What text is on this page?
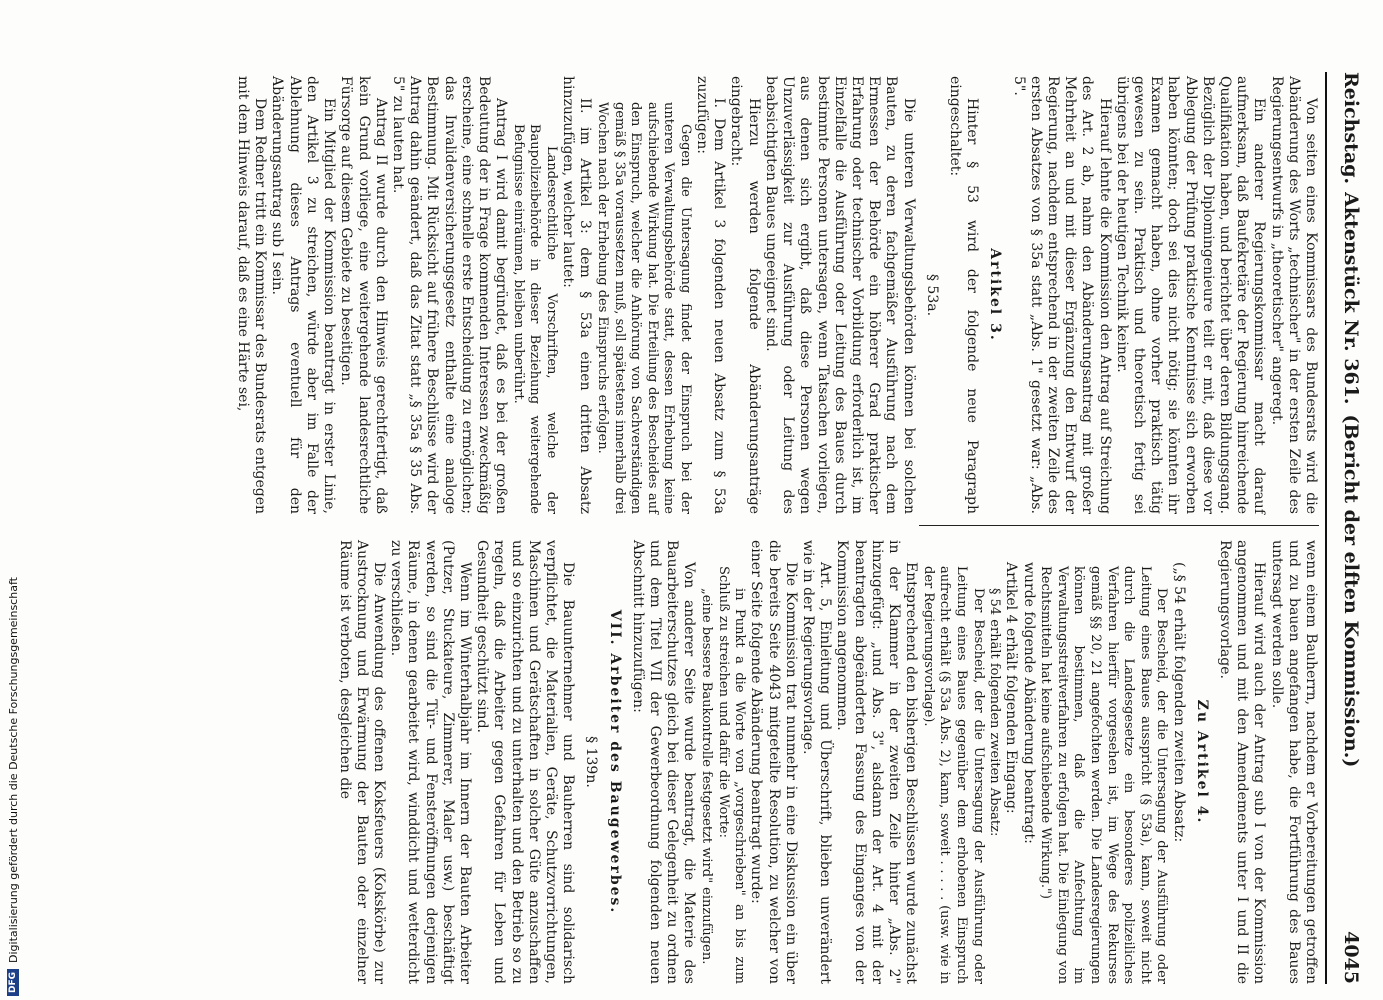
Reichstag.
Aktenstück Nr. 361.
(Bericht der elften Kommission.)
4045

Von seiten eines Kommissars des Bundesrats wird die Abänderung des Worts „technischer" in der ersten Zeile des Regierungsentwurfs in „theoretischer" angeregt.

Ein anderer Regierungskommissar macht darauf aufmerksam, daß Baufekretäre der Regierung hinreichende Qualifikation haben, und berichtet über deren Bildungsgang. Bezüglich der Diplomingenieure teilt er mit, daß diese vor Ablegung der Prüfung praktische Kenntnisse sich erworben haben könnten; doch sei dies nicht nötig; sie könnten ihr Examen gemacht haben, ohne vorher praktisch tätig gewesen zu sein. Praktisch und theoretisch fertig sei übrigens bei der heutigen Technik keiner.

Hierauf lehnte die Kommission den Antrag auf Streichung des Art. 2 ab, nahm den Abänderungsantrag mit großer Mehrheit an und mit dieser Ergänzung den Entwurf der Regierung, nachdem entsprechend in der zweiten Zeile des ersten Absatzes von § 35a statt „Abs. 1" gesetzt war: „Abs. 5".

Artikel 3.

Hinter § 53 wird der folgende neue Paragraph eingeschaltet:

§ 53a.

Die unteren Verwaltungsbehörden können bei solchen Bauten, zu deren fachgemäßer Ausführung nach dem Ermessen der Behörde ein höherer Grad praktischer Erfahrung oder technischer Vorbildung erforderlich ist, im Einzelfalle die Ausführung oder Leitung des Baues durch bestimmte Personen untersagen, wenn Tatsachen vorliegen, aus denen sich ergibt, daß diese Personen wegen Unzuverlässigkeit zur Ausführung oder Leitung des beabsichtigten Baues ungeeignet sind.

Hierzu werden folgende Abänderungsanträge eingebracht:

I. Dem Artikel 3 folgenden neuen Absatz zum § 53a zuzufügen:

Gegen die Untersagung findet der Einspruch bei der unteren Verwaltungsbehörde statt, dessen Erhebung keine aufschiebende Wirkung hat. Die Erteilung des Bescheides auf den Einspruch, welcher die Anhörung von Sachverständigen gemäß § 35a voraussetzen muß, soll spätestens innerhalb drei Wochen nach der Erhebung des Einspruchs erfolgen.

II. im Artikel 3: dem § 53a einen dritten Absatz hinzuzufügen, welcher lautet:

Landesrechtliche Vorschriften, welche der Baupolizeibehörde in dieser Beziehung weitergehende Befugnisse einräumen, bleiben unberührt.

Antrag I wird damit begründet, daß es bei der großen Bedeutung der in Frage kommenden Interessen zweckmäßig erscheine, eine schnelle erste Entscheidung zu ermöglichen; das Invalidenversicherungsgesetz enthalte eine analoge Bestimmung. Mit Rücksicht auf frühere Beschlüsse wird der Antrag dahin geändert, daß das Zitat statt „§ 35a § 35 Abs. 5" zu lauten hat.

Antrag II wurde durch den Hinweis gerechtfertigt, daß kein Grund vorliege, eine weitergehende landesrechtliche Fürsorge auf diesem Gebiete zu beseitigen.

Ein Mitglied der Kommission beantragt in erster Linie, den Artikel 3 zu streichen, würde aber im Falle der Ablehnung dieses Antrags eventuell für den Abänderungsantrag sub I sein.

Dem Redner tritt ein Kommissar des Bundesrats entgegen mit dem Hinweis darauf, daß es eine Härte sei,

wenn einem Bauherrn, nachdem er Vorbereitungen getroffen und zu bauen angefangen habe, die Fortführung des Baues untersagt werden solle.

Hierauf wird auch der Antrag sub I von der Kommission angenommen und mit den Amendements unter I und II die Regierungsvorlage.

Zu Artikel 4.

(„§ 54 erhält folgenden zweiten Absatz:

Der Bescheid, der die Untersagung der Ausführung oder Leitung eines Baues ausspricht (§ 53a), kann, soweit nicht durch die Landesgesetze ein besonderes polizeiliches Verfahren hierfür vorgesehen ist, im Wege des Rekurses gemäß §§ 20, 21 angefochten werden. Die Landesregierungen können bestimmen, daß die Anfechtung im Verwaltungsstreitverfahren zu erfolgen hat. Die Einlegung von Rechtsmitteln hat keine aufschiebende Wirkung.")

wurde folgende Abänderung beantragt:

Artikel 4 erhält folgenden Eingang:

§ 54 erhält folgenden zweiten Absatz:

Der Bescheid, der die Untersagung der Ausführung oder Leitung eines Baues gegenüber dem erhobenen Einspruch aufrecht erhält (§ 53a Abs. 2), kann, soweit . . . . . (usw. wie in der Regierungsvorlage).

Entsprechend den bisherigen Beschlüssen wurde zunächst in der Klammer in der zweiten Zeile hinter „Abs. 2" hinzugefügt: „und Abs. 3", alsdann der Art. 4 mit der beantragten abgeänderten Fassung des Einganges von der Kommission angenommen.

Art. 5, Einleitung und Überschrift, blieben unverändert wie in der Regierungsvorlage.

Die Kommission trat nunmehr in eine Diskussion ein über die bereits Seite 4043 mitgeteilte Resolution, zu welcher von einer Seite folgende Abänderung beantragt wurde:

in Punkt a die Worte von „vorgeschrieben" an bis zum Schluß zu streichen und dafür die Worte:

„eine bessere Baukontrolle festgesetzt wird" einzufügen.

Von anderer Seite wurde beantragt, die Materie des Bauarbeiterschutzes gleich bei dieser Gelegenheit zu ordnen und dem Titel VII der Gewerbeordnung folgenden neuen Abschnitt hinzuzufügen:

VII. Arbeiter des Baugewerbes.

§ 139n.

Die Bauunternehmer und Bauherren sind solidarisch verpflichtet, die Materialien, Geräte, Schutzvorrichtungen, Maschinen und Gerätschaften in solcher Güte anzuschaffen und so einzurichten und zu unterhalten und den Betrieb so zu regeln, daß die Arbeiter gegen Gefahren für Leben und Gesundheit geschützt sind.

Wenn im Winterhalbjahr im Innern der Bauten Arbeiter (Putzer, Stuckateure, Zimmerer, Maler usw.) beschäftigt werden, so sind die Tür- und Fensteröffnungen derjenigen Räume, in denen gearbeitet wird, winddicht und wetterdicht zu verschließen.

Die Anwendung des offenen Koksfeuers (Kokskörbe) zur Austrocknung und Erwärmung der Bauten oder einzelner Räume ist verboten, desgleichen die

DFG
Digitalisierung gefördert durch die Deutsche Forschungsgemeinschaft
